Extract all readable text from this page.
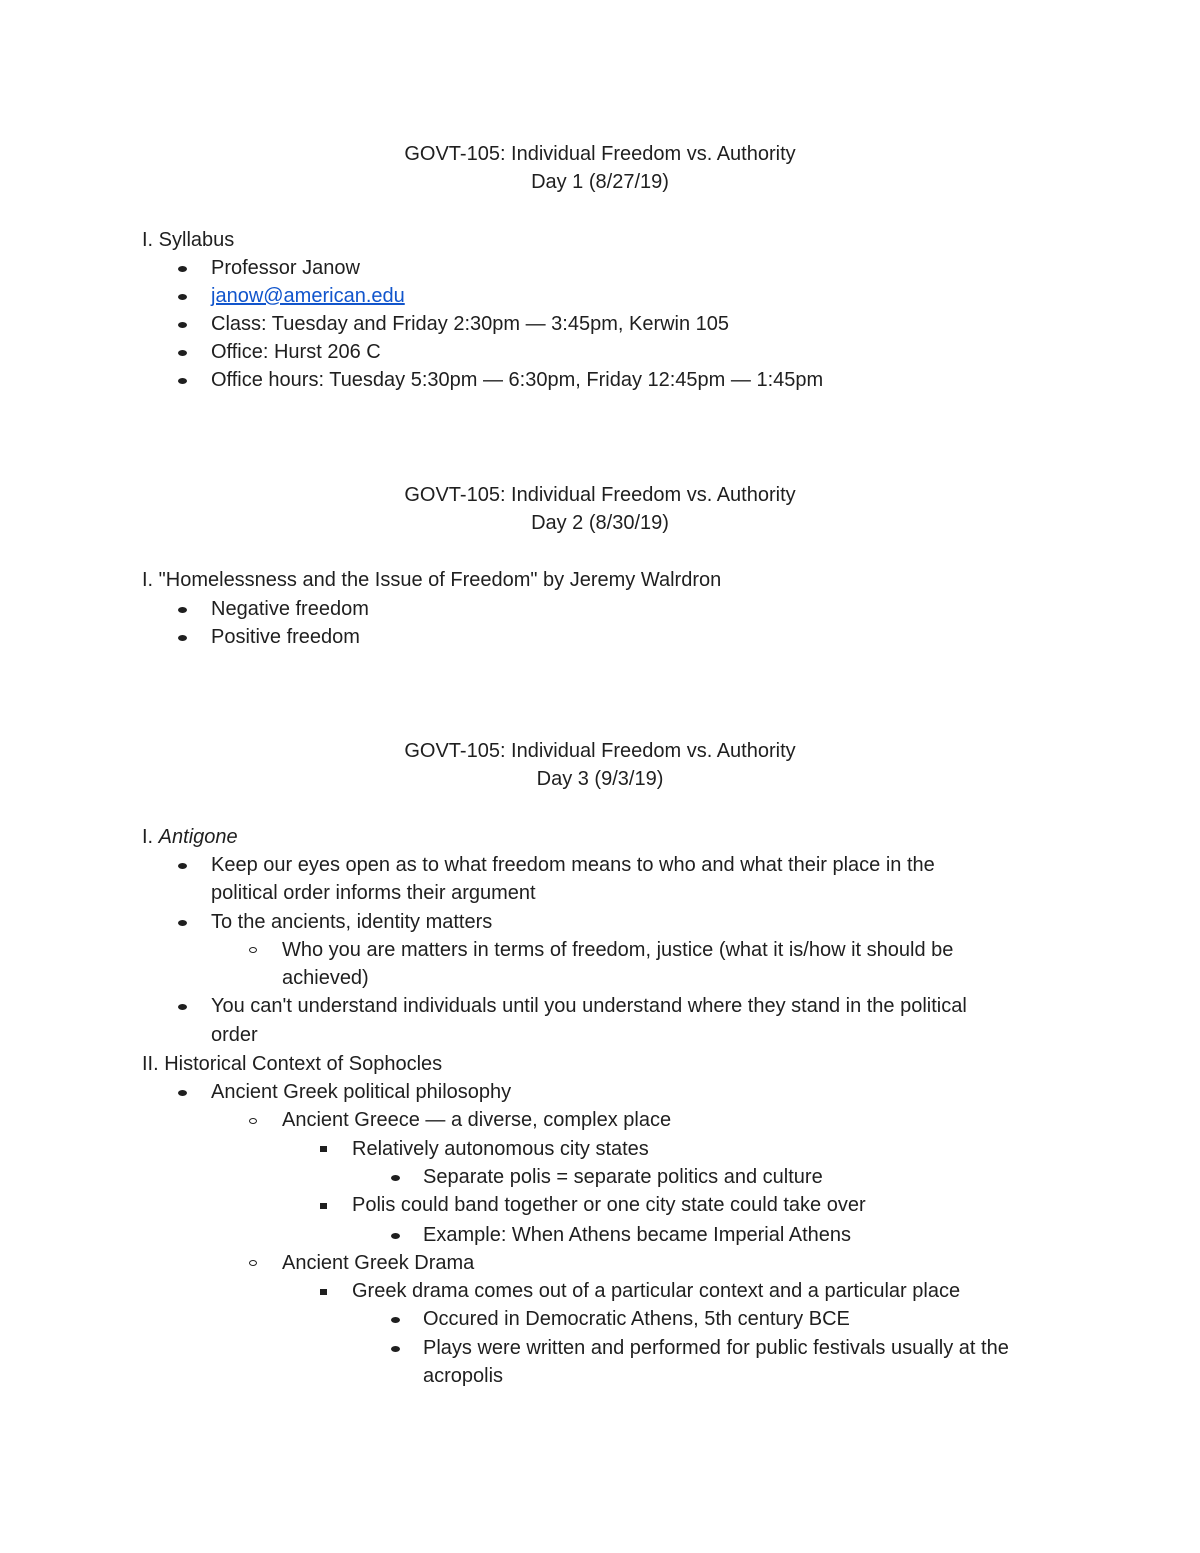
GOVT-105: Individual Freedom vs. Authority
Day 1 (8/27/19)
I. Syllabus
Professor Janow
janow@american.edu
Class: Tuesday and Friday 2:30pm — 3:45pm, Kerwin 105
Office: Hurst 206 C
Office hours: Tuesday 5:30pm — 6:30pm, Friday 12:45pm — 1:45pm
GOVT-105: Individual Freedom vs. Authority
Day 2 (8/30/19)
I. "Homelessness and the Issue of Freedom" by Jeremy Walrdron
Negative freedom
Positive freedom
GOVT-105: Individual Freedom vs. Authority
Day 3 (9/3/19)
I. Antigone
Keep our eyes open as to what freedom means to who and what their place in the
political order informs their argument
To the ancients, identity matters
Who you are matters in terms of freedom, justice (what it is/how it should be
achieved)
You can't understand individuals until you understand where they stand in the political
order
II. Historical Context of Sophocles
Ancient Greek political philosophy
Ancient Greece — a diverse, complex place
Relatively autonomous city states
Separate polis = separate politics and culture
Polis could band together or one city state could take over
Example: When Athens became Imperial Athens
Ancient Greek Drama
Greek drama comes out of a particular context and a particular place
Occured in Democratic Athens, 5th century BCE
Plays were written and performed for public festivals usually at the
acropolis
